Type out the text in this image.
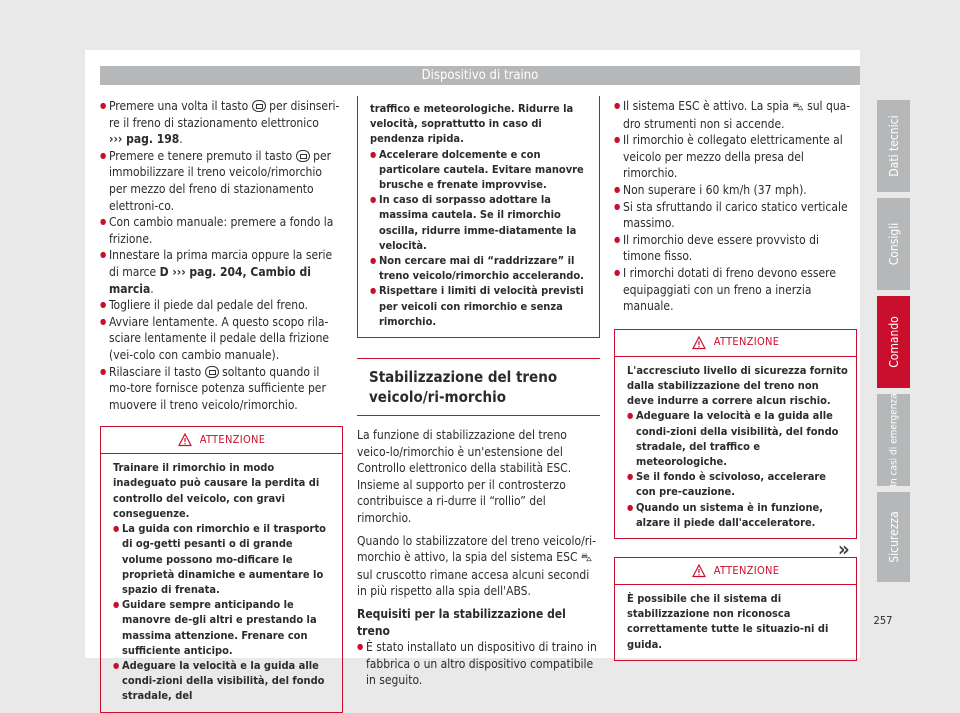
Dispositivo di traino

● Premere una volta il tasto  per disinseri-re il freno di stazionamento elettronico
››› pag. 198.

● Premere e tenere premuto il tasto  per immobilizzare il treno veicolo/rimorchio per mezzo del freno di stazionamento elettroni-co.

● Con cambio manuale: premere a fondo la frizione.

● Innestare la prima marcia oppure la serie di marce D ››› pag. 204, Cambio di marcia.

● Togliere il piede dal pedale del freno.

● Avviare lentamente. A questo scopo rila-sciare lentamente il pedale della frizione (vei-colo con cambio manuale).

● Rilasciare il tasto  soltanto quando il mo-tore fornisce potenza sufficiente per muovere il treno veicolo/rimorchio.

ATTENZIONE

Trainare il rimorchio in modo inadeguato può causare la perdita di controllo del veicolo, con gravi conseguenze.

● La guida con rimorchio e il trasporto di og-getti pesanti o di grande volume possono mo-dificare le proprietà dinamiche e aumentare lo spazio di frenata.

● Guidare sempre anticipando le manovre de-gli altri e prestando la massima attenzione. Frenare con sufficiente anticipo.

● Adeguare la velocità e la guida alle condi-zioni della visibilità, del fondo stradale, del

traffico e meteorologiche. Ridurre la velocità, soprattutto in caso di pendenza ripida.

● Accelerare dolcemente e con particolare cautela. Evitare manovre brusche e frenate improvvise.

● In caso di sorpasso adottare la massima cautela. Se il rimorchio oscilla, ridurre imme-diatamente la velocità.

● Non cercare mai di “raddrizzare” il treno veicolo/rimorchio accelerando.

● Rispettare i limiti di velocità previsti per veicoli con rimorchio e senza rimorchio.

Stabilizzazione del treno veicolo/ri-morchio

La funzione di stabilizzazione del treno veico-lo/rimorchio è un'estensione del Controllo elettronico della stabilità ESC. Insieme al supporto per il controsterzo contribuisce a ri-durre il “rollio” del rimorchio.

Quando lo stabilizzatore del treno veicolo/ri-morchio è attivo, la spia del sistema ESC ⛍ sul cruscotto rimane accesa alcuni secondi in più rispetto alla spia dell'ABS.

Requisiti per la stabilizzazione del treno

● È stato installato un dispositivo di traino in fabbrica o un altro dispositivo compatibile in seguito.

● Il sistema ESC è attivo. La spia ⛍ sul qua-dro strumenti non si accende.

● Il rimorchio è collegato elettricamente al veicolo per mezzo della presa del rimorchio.

● Non superare i 60 km/h (37 mph).

● Si sta sfruttando il carico statico verticale massimo.

● Il rimorchio deve essere provvisto di timone fisso.

● I rimorchi dotati di freno devono essere equipaggiati con un freno a inerzia manuale.

ATTENZIONE

L'accresciuto livello di sicurezza fornito dalla stabilizzazione del treno non deve indurre a correre alcun rischio.

● Adeguare la velocità e la guida alle condi-zioni della visibilità, del fondo stradale, del traffico e meteorologiche.

● Se il fondo è scivoloso, accelerare con pre-cauzione.

● Quando un sistema è in funzione, alzare il piede dall'acceleratore.

ATTENZIONE

È possibile che il sistema di stabilizzazione non riconosca correttamente tutte le situazio-ni di guida.

»
Dati tecnici
Consigli
Comando
In casi di emergenza
Sicurezza
257
